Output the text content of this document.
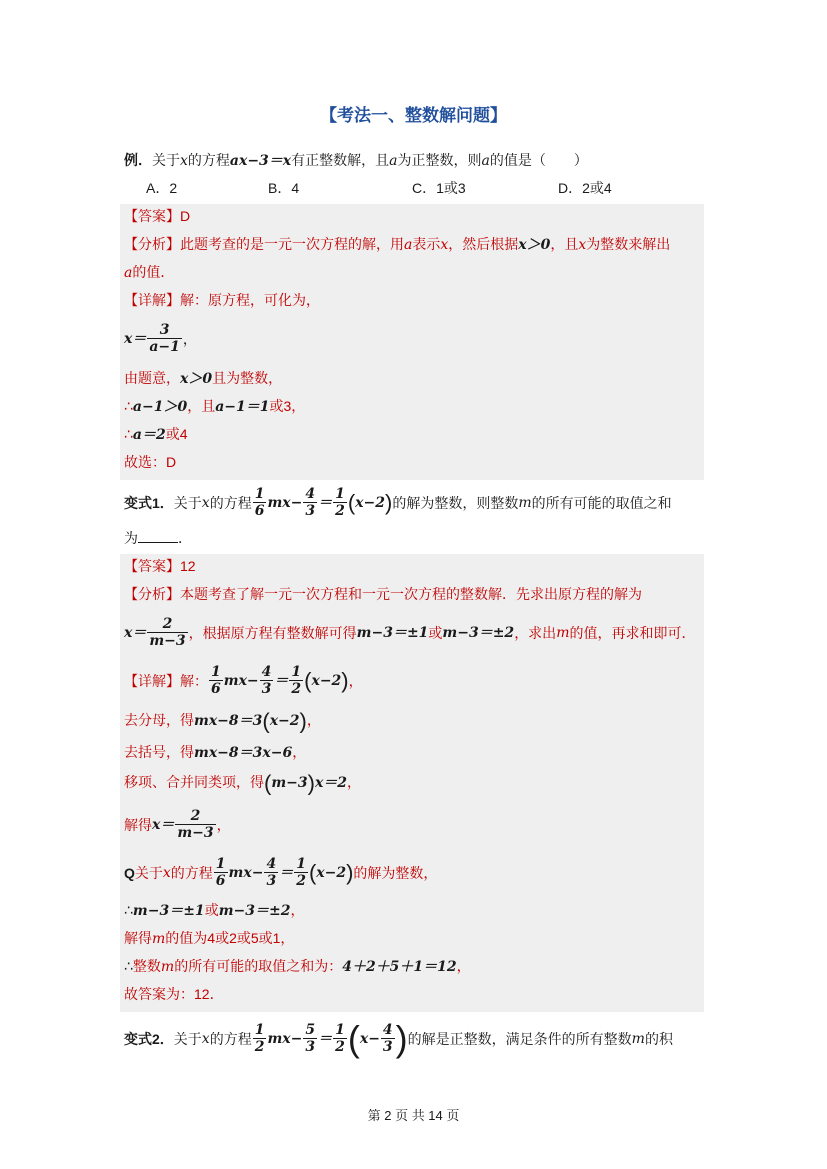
【考法一、整数解问题】
例．关于x的方程ax−3＝x有正整数解，且a为正整数，则a的值是（　　）
A．2	B．4	C．1或3	D．2或4
【答案】D
【分析】此题考查的是一元一次方程的解，用a表示x，然后根据x＞0，且x为整数来解出
a的值．
【详解】解：原方程，可化为，
$x= \frac{3}{a-1}$ ，
由题意，x＞0且为整数，
∴a−1＞0，且a−1＝1或3，
∴a＝2或4
故选：D
变式1． 关于 x 的方程 $\frac{1}{6} mx- \frac{4}{3} = \frac{1}{2}$ ( x−2 ) 的解为整数，则整数 m 的所有可能的取值之和
为	．
【答案】12
【分析】本题考查了解一元一次方程和一元一次方程的整数解．先求出原方程的解为
$x= \frac{2}{m-3}$ ，根据原方程有整数解可得 m−3＝±1 或 m−3＝±2 ，求出 m 的值，再求和即可．
【详解】 解： $\frac{1}{6} mx- \frac{4}{3} = \frac{1}{2}$ ( x−2 ) ，
去分母，得mx−8＝3(x−2)，
去括号，得mx−8＝3x−6，
移项、合并同类项，得(m−3)x＝2，
解得 $x= \frac{2}{m-3}$ ，
Q 关于 x 的方程 $\frac{1}{6} mx- \frac{4}{3} = \frac{1}{2}$ ( x−2 ) 的解为整数，
∴m−3＝±1或m−3＝±2，
解得m的值为4或2或5或1，
∴整数m的所有可能的取值之和为：4＋2＋5＋1＝12，
故答案为：12．
变式2． 关于 x 的方程 $\frac{1}{2} mx- \frac{5}{3} = \frac{1}{2}$ ( $x- \frac{4}{3}$ ) 的解是正整数，满足条件的所有整数 m 的积
第 2 页 共 14 页
